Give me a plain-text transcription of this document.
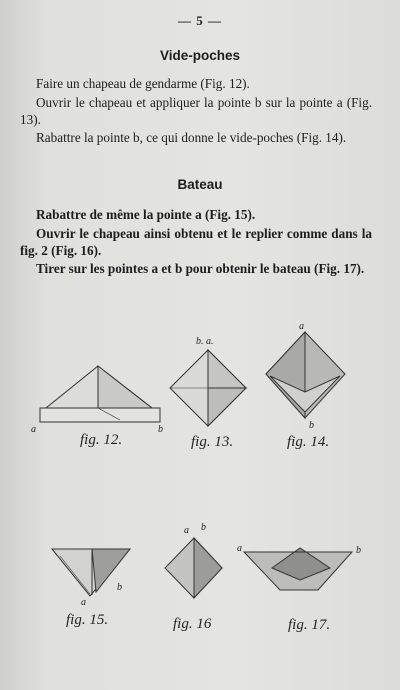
— 5 —
Vide-poches
Faire un chapeau de gendarme (Fig. 12).
Ouvrir le chapeau et appliquer la pointe b sur la pointe a (Fig. 13).
Rabattre la pointe b, ce qui donne le vide-poches (Fig. 14).
Bateau
Rabattre de même la pointe a (Fig. 15).
Ouvrir le chapeau ainsi obtenu et le replier comme dans la fig. 2 (Fig. 16).
Tirer sur les pointes a et b pour obtenir le bateau (Fig. 17).
a	b
b. a.
a
b
b
a
a b
a	b
fig. 12.	fig. 13.	fig. 14.
fig. 15.	fig. 16	fig. 17.
